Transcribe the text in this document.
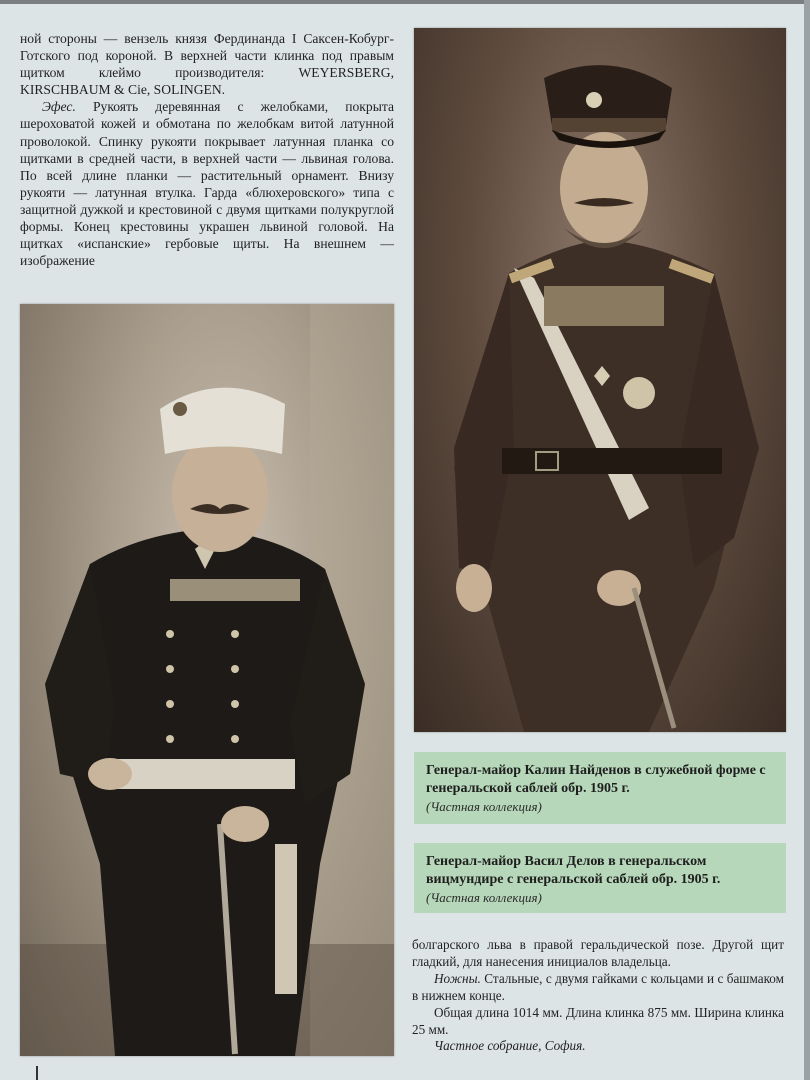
ной стороны — вензель князя Фердинанда I Саксен-Кобург-Готского под короной. В верхней части клинка под правым щитком клеймо производителя: WEYERSBERG, KIRSCHBAUM & Cie, SOLINGEN.

Эфес. Рукоять деревянная с желобками, покрыта шероховатой кожей и обмотана по желобкам витой латунной проволокой. Спинку рукояти покрывает латунная планка со щитками в средней части, в верхней части — львиная голова. По всей длине планки — растительный орнамент. Внизу рукояти — латунная втулка. Гарда «блюхеровского» типа с защитной дужкой и крестовиной с двумя щитками полукруглой формы. Конец крестовины украшен львиной головой. На щитках «испанские» гербовые щиты. На внешнем — изображение

Генерал-майор Калин Найденов в служебной форме с генеральской саблей обр. 1905 г.
(Частная коллекция)
Генерал-майор Васил Делов в генеральском вицмундире с генеральской саблей обр. 1905 г.
(Частная коллекция)

болгарского льва в правой геральдической позе. Другой щит гладкий, для нанесения инициалов владельца.

Ножны. Стальные, с двумя гайками с кольцами и с башмаком в нижнем конце.

Общая длина 1014 мм. Длина клинка 875 мм. Ширина клинка 25 мм.

Частное собрание, София.
